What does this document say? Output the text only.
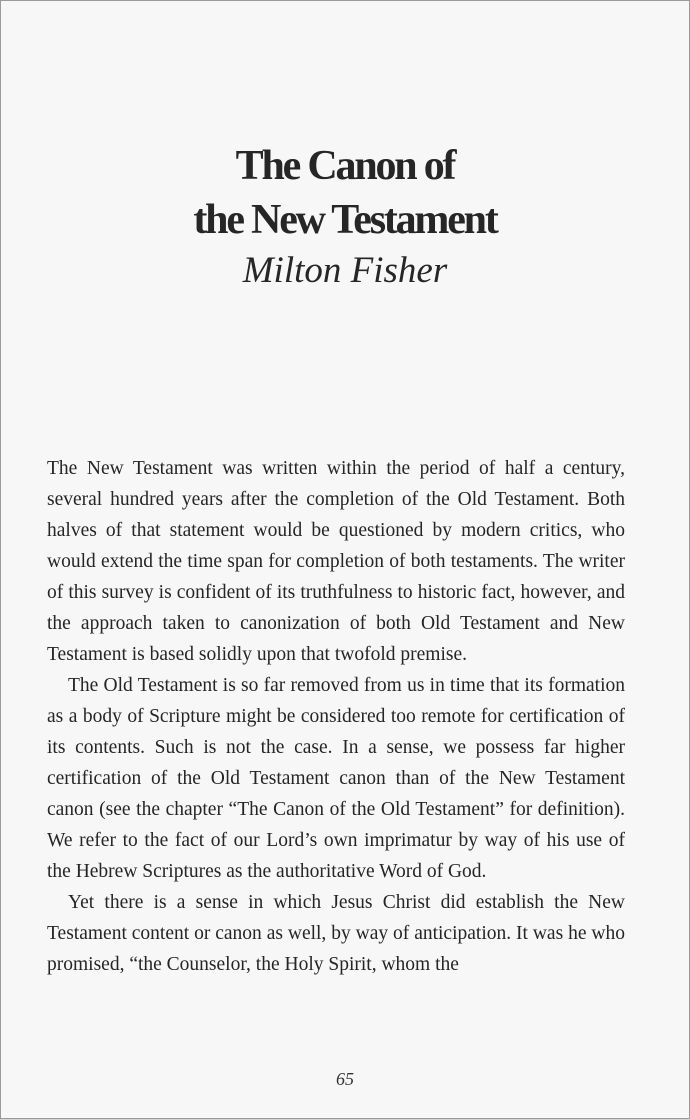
The Canon of
the New Testament
Milton Fisher

The New Testament was written within the period of half a century, several hundred years after the completion of the Old Testament. Both halves of that statement would be questioned by modern critics, who would extend the time span for completion of both testaments. The writer of this survey is confident of its truthfulness to historic fact, however, and the approach taken to canonization of both Old Testament and New Testament is based solidly upon that twofold premise.

The Old Testament is so far removed from us in time that its formation as a body of Scripture might be considered too remote for certification of its contents. Such is not the case. In a sense, we possess far higher certification of the Old Testament canon than of the New Testament canon (see the chapter “The Canon of the Old Testament” for definition). We refer to the fact of our Lord’s own imprimatur by way of his use of the Hebrew Scriptures as the authoritative Word of God.

Yet there is a sense in which Jesus Christ did establish the New Testament content or canon as well, by way of anticipation. It was he who promised, “the Counselor, the Holy Spirit, whom the

65
